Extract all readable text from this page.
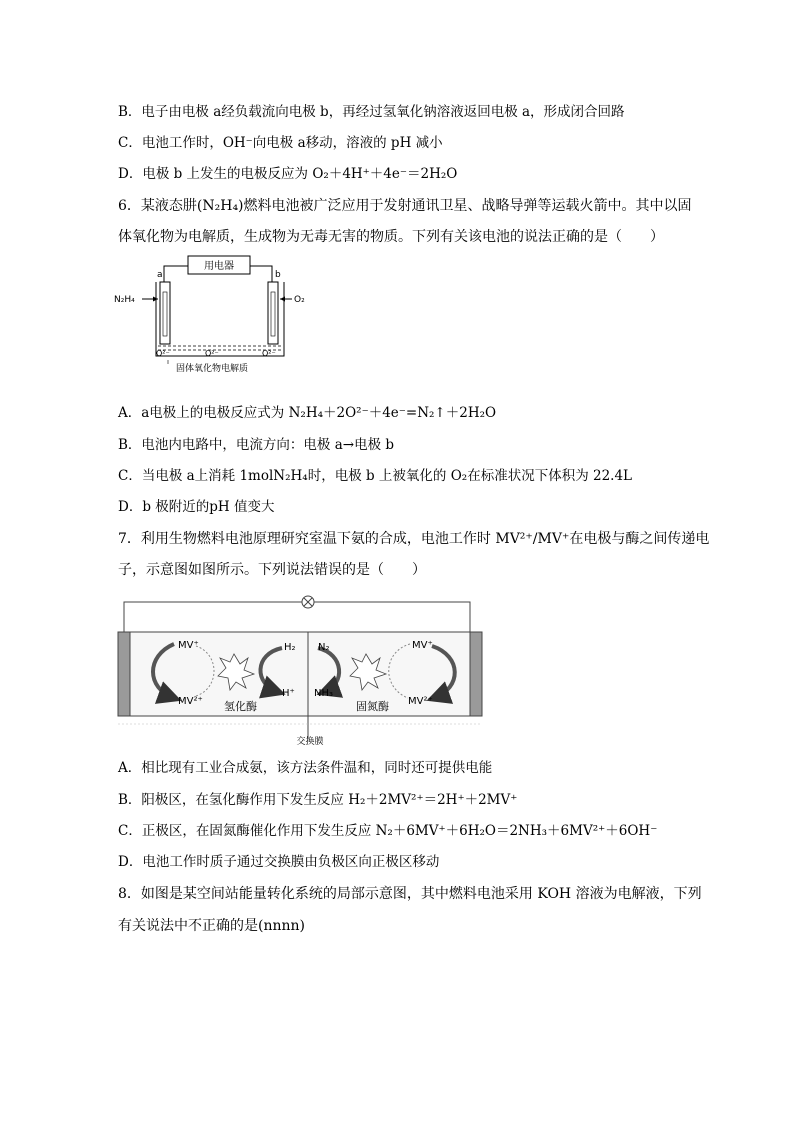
B．电子由电极 a经负载流向电极 b，再经过氢氧化钠溶液返回电极 a，形成闭合回路
C．电池工作时，OH⁻向电极 a移动，溶液的 pH 减小
D．电极 b 上发生的电极反应为 O₂＋4H⁺＋4e⁻＝2H₂O
6．某液态肼(N₂H₄)燃料电池被广泛应用于发射通讯卫星、战略导弹等运载火箭中。其中以固
体氧化物为电解质，生成物为无毒无害的物质。下列有关该电池的说法正确的是（　　）
用电器
a	b
N₂H₄	O₂
O²⁻	O²⁻	O²⁻
固体氧化物电解质
A．a电极上的电极反应式为 N₂H₄＋2O²⁻＋4e⁻=N₂↑＋2H₂O
B．电池内电路中，电流方向：电极 a→电极 b
C．当电极 a上消耗 1molN₂H₄时，电极 b 上被氧化的 O₂在标准状况下体积为 22.4L
D．b 极附近的pH 值变大
7．利用生物燃料电池原理研究室温下氨的合成，电池工作时 MV²⁺/MV⁺在电极与酶之间传递电
子，示意图如图所示。下列说法错误的是（　　）
MV⁺
MV²⁺
H₂
H⁺
氢化酶
N₂
NH₃
MV⁺
MV²⁺
固氮酶
交换膜
A．相比现有工业合成氨，该方法条件温和，同时还可提供电能
B．阳极区，在氢化酶作用下发生反应 H₂＋2MV²⁺＝2H⁺＋2MV⁺
C．正极区，在固氮酶催化作用下发生反应 N₂＋6MV⁺＋6H₂O＝2NH₃＋6MV²⁺＋6OH⁻
D．电池工作时质子通过交换膜由负极区向正极区移动
8．如图是某空间站能量转化系统的局部示意图，其中燃料电池采用 KOH 溶液为电解液，下列
有关说法中不正确的是(nnnn)
